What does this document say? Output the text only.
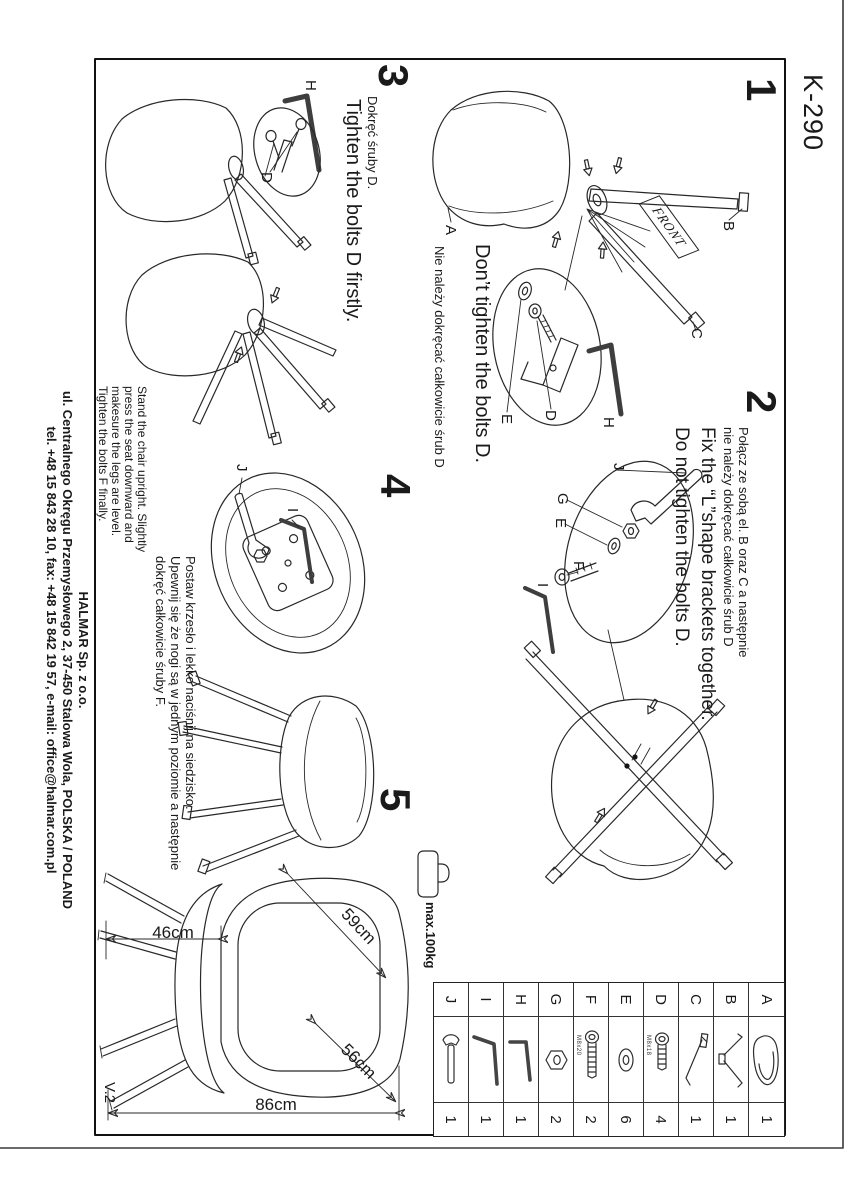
K-290
1
2
3
4
5
Don’t tighten the bolts D.
Nie należy dokręcać całkowicie śrub D
Połącz ze sobą el. B oraz C a następnie
nie należy dokręcać całkowicie śrub D
Fix the “L”shape brackets together.
Do not tighten the bolts D.
Dokręć śruby D.
Tighten the bolts D firstly.
Postaw krzesło i lekko naciśnij na siedzisko.
Upewnij się że nogi są w jednym poziomie a następnie
dokręć całkowicie śruby F.
Stand the chair upright. Slightly
press the seat downward and
makesure the legs are level.
Tighten the bolts F finally.
max.100kg
V.2
59cm
56cm
46cm
86cm
A	B
C
FRONT
H
D
E
J
G
E
F
I
H
D
J
I
A
1
B
1
C
1
D
M8x18
4
E
6
F
M8x20
2
G
2
H
1
I
1
J
1
HALMAR Sp. z o.o.
ul. Centralnego Okręgu Przemysłowego 2, 37-450 Stalowa Wola, POLSKA / POLAND
tel. +48 15 843 28 10, fax: +48 15 842 19 57, e-mail: office@halmar.com.pl
